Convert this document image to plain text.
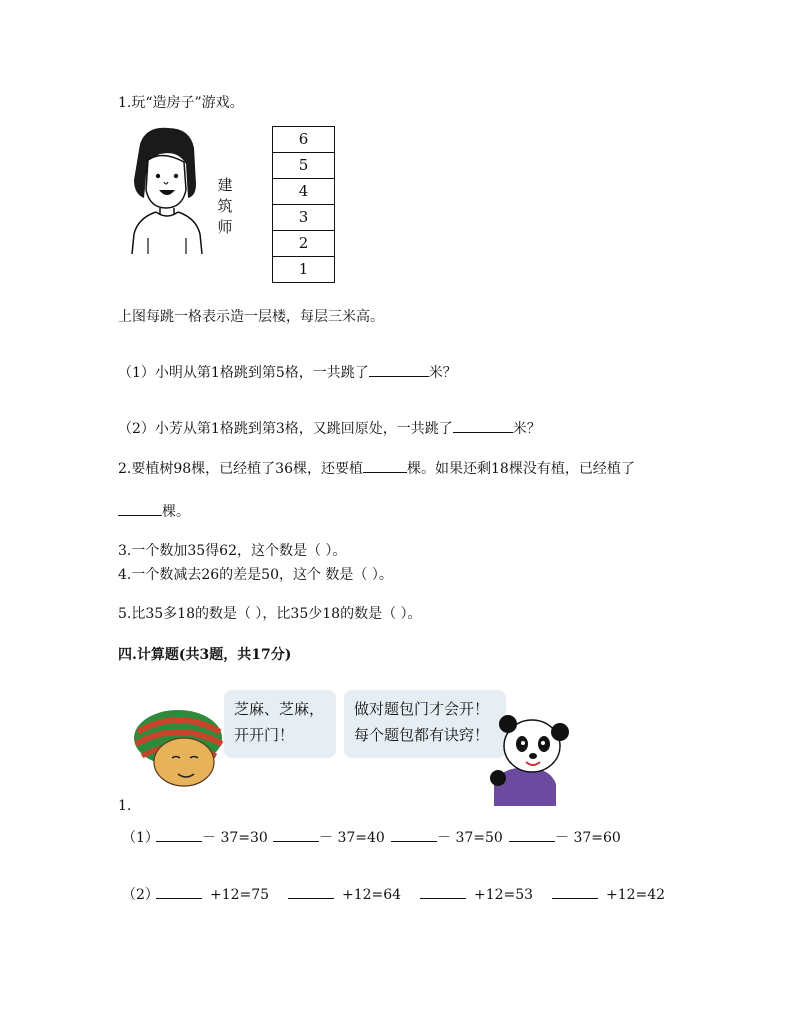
1.玩“造房子”游戏。
建
筑
师
6
5
4
3
2
1
上图每跳一格表示造一层楼，每层三米高。
（1）小明从第1格跳到第5格，一共跳了	米？
（2）小芳从第1格跳到第3格，又跳回原处，一共跳了	米？
2.要植树98棵，已经植了36棵，还要植	棵。如果还剩18棵没有植，已经植了
棵。
3.一个数加35得62，这个数是（ ）。
4.一个数减去26的差是50，这个 数是（ ）。
5.比35多18的数是（ ），比35少18的数是（ ）。
四.计算题(共3题，共17分)
芝麻、芝麻，
开开门！
做对题包门才会开！
每个题包都有诀窍！
1.
（1）	－ 37=30	－ 37=40	－ 37=50	－ 37=60
（2）	+12=75	+12=64	+12=53	+12=42
